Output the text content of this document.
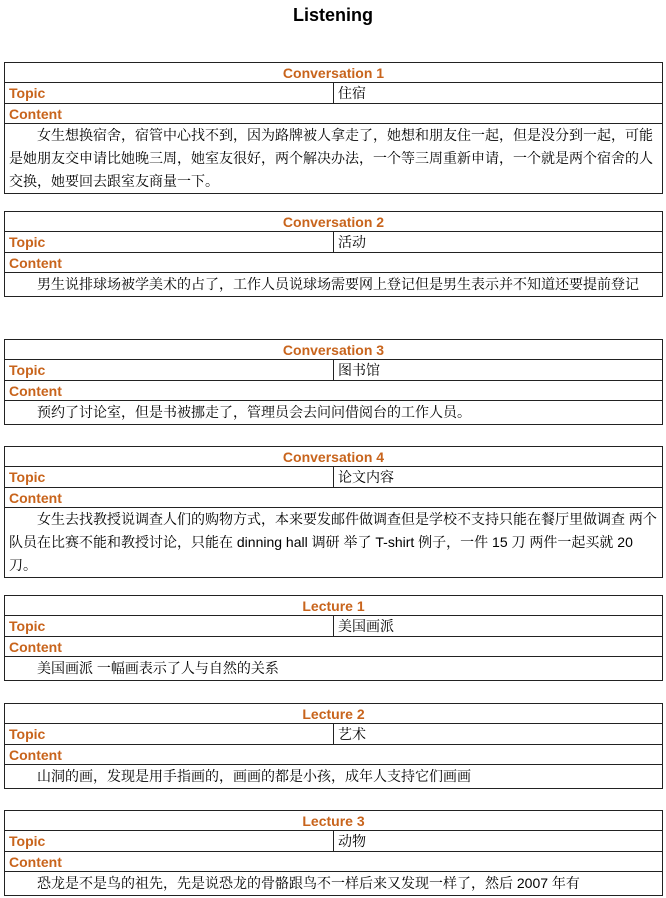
Listening
Conversation 1
Topic	住宿
Content
女生想换宿舍，宿管中心找不到，因为路牌被人拿走了，她想和朋友住一起，但是没分到一起，可能是她朋友交申请比她晚三周，她室友很好，两个解决办法，一个等三周重新申请，一个就是两个宿舍的人交换，她要回去跟室友商量一下。
Conversation 2
Topic	活动
Content
男生说排球场被学美术的占了，工作人员说球场需要网上登记但是男生表示并不知道还要提前登记
Conversation 3
Topic	图书馆
Content
预约了讨论室，但是书被挪走了，管理员会去问问借阅台的工作人员。
Conversation 4
Topic	论文内容
Content
女生去找教授说调查人们的购物方式，本来要发邮件做调查但是学校不支持只能在餐厅里做调查 两个队员在比赛不能和教授讨论，只能在 dinning hall 调研 举了 T-shirt 例子，一件 15 刀 两件一起买就 20 刀。
Lecture 1
Topic	美国画派
Content
美国画派 一幅画表示了人与自然的关系
Lecture 2
Topic	艺术
Content
山洞的画，发现是用手指画的，画画的都是小孩，成年人支持它们画画
Lecture 3
Topic	动物
Content
恐龙是不是鸟的祖先，先是说恐龙的骨骼跟鸟不一样后来又发现一样了，然后 2007 年有
